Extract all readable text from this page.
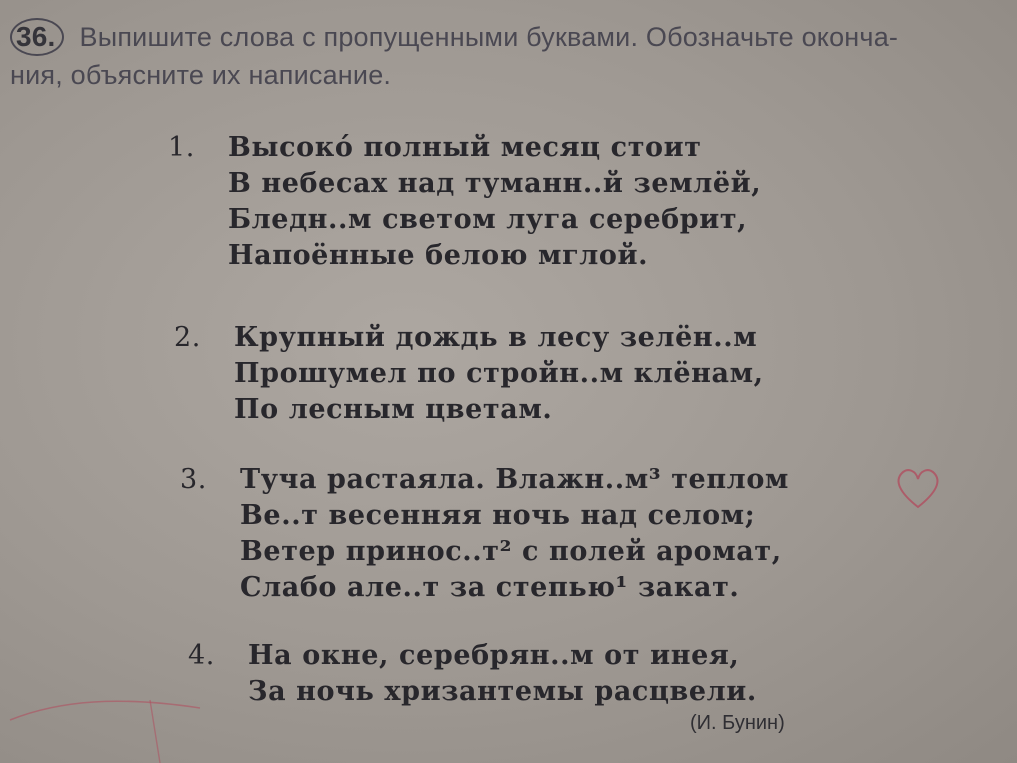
36. Выпишите слова с пропущенными буквами. Обозначьте оконча-
ния, объясните их написание.
1. Высоко́ полный месяц стоит
В небесах над туманн..й землёй,
Бледн..м светом луга серебрит,
Напоённые белою мглой.
2. Крупный дождь в лесу зелён..м
Прошумел по стройн..м клёнам,
По лесным цветам.
3. Туча растаяла. Влажн..м³ теплом
Ве..т весенняя ночь над селом;
Ветер принос..т² с полей аромат,
Слабо але..т за степью¹ закат.
4. На окне, серебрян..м от инея,
За ночь хризантемы расцвели.
(И. Бунин)
